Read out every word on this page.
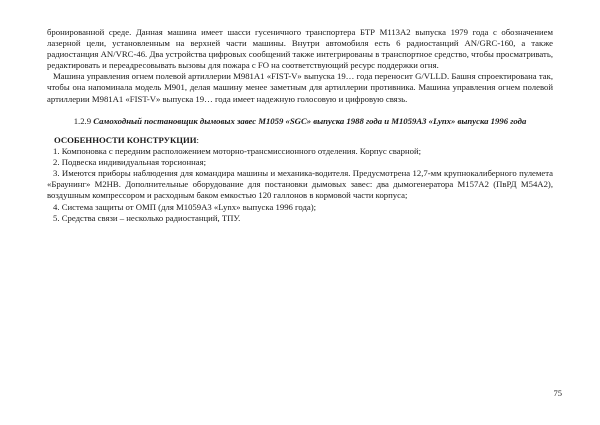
бронированной среде. Данная машина имеет шасси гусеничного транспортера БТР М113А2 выпуска 1979 года с обозначением лазерной цели, установленным на верхней части машины. Внутри автомобиля есть 6 радиостанций AN/GRC-160, а также радиостанция AN/VRC-46. Два устройства цифровых сообщений также интегрированы в транспортное средство, чтобы просматривать, редактировать и переадресовывать вызовы для пожара с FO на соответствующий ресурс поддержки огня.

Машина управления огнем полевой артиллерии M981A1 «FIST-V» выпуска 19… года переносит G/VLLD. Башня спроектирована так, чтобы она напоминала модель M901, делая машину менее заметным для артиллерии противника. Машина управления огнем полевой артиллерии M981A1 «FIST-V» выпуска 19… года имеет надежную голосовую и цифровую связь.

1.2.9 Самоходный постановщик дымовых завес M1059 «SGC» выпуска 1988 года и M1059A3 «Lynx» выпуска 1996 года

ОСОБЕННОСТИ КОНСТРУКЦИИ:

1. Компоновка с передним расположением моторно-трансмиссионного отделения. Корпус сварной;

2. Подвеска индивидуальная торсионная;

3. Имеются приборы наблюдения для командира машины и механика-водителя. Предусмотрена 12,7-мм крупнокалиберного пулемета «Браунинг» M2HB. Дополнительные оборудование для постановки дымовых завес: два дымогенератора M157A2 (ПвРД M54A2), воздушным компрессором и расходным баком емкостью 120 галлонов в кормовой части корпуса;

4. Система защиты от ОМП (для M1059A3 «Lynx» выпуска 1996 года);

5. Средства связи – несколько радиостанций, ТПУ.

75
